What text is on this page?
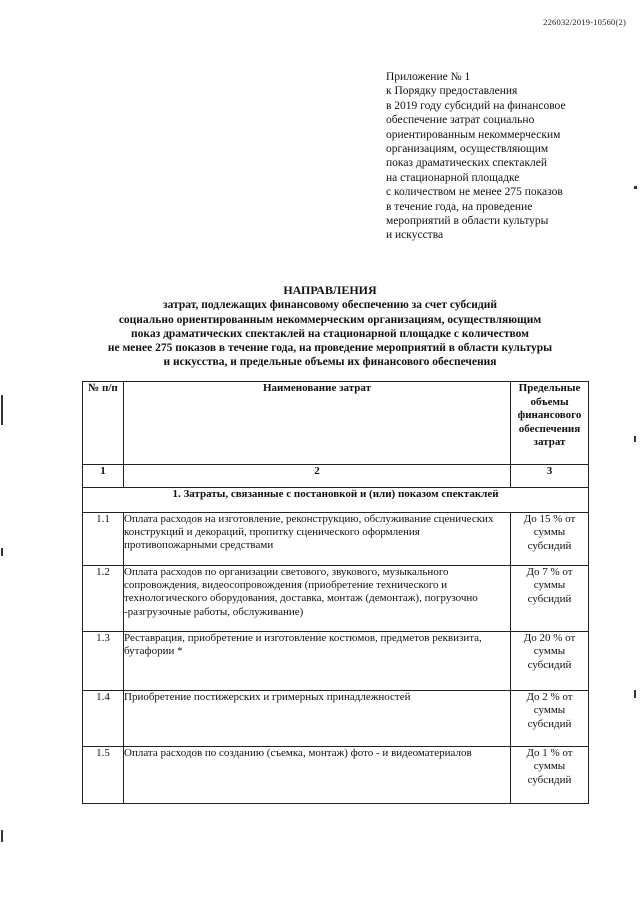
226032/2019-10560(2)
Приложение № 1
к Порядку предоставления
в 2019 году субсидий на финансовое
обеспечение затрат социально
ориентированным некоммерческим
организациям, осуществляющим
показ драматических спектаклей
на стационарной площадке
с количеством не менее 275 показов
в течение года, на проведение
мероприятий в области культуры
и искусства
НАПРАВЛЕНИЯ
затрат, подлежащих финансовому обеспечению за счет субсидий
социально ориентированным некоммерческим организациям, осуществляющим
показ драматических спектаклей на стационарной площадке с количеством
не менее 275 показов в течение года, на проведение мероприятий в области культуры
и искусства, и предельные объемы их финансового обеспечения
№ п/п	Наименование затрат	Предельные объемы финансового обеспечения затрат
1	2	3
1. Затраты, связанные с постановкой и (или) показом спектаклей		
1.1	Оплата расходов на изготовление, реконструкцию, обслуживание сценических конструкций и декораций, пропитку сценического оформления противопожарными средствами	До 15 % от суммы субсидий
1.2	Оплата расходов по организации светового, звукового, музыкального сопровождения, видеосопровождения (приобретение технического и технологического оборудования, доставка, монтаж (демонтаж), погрузочно -разгрузочные работы, обслуживание)	До 7 % от суммы субсидий
1.3	Реставрация, приобретение и изготовление костюмов, предметов реквизита, бутафории *	До 20 % от суммы субсидий
1.4	Приобретение постижерских и гримерных принадлежностей	До 2 % от суммы субсидий
1.5	Оплата расходов по созданию (съемка, монтаж) фото - и видеоматериалов	До 1 % от суммы субсидий
